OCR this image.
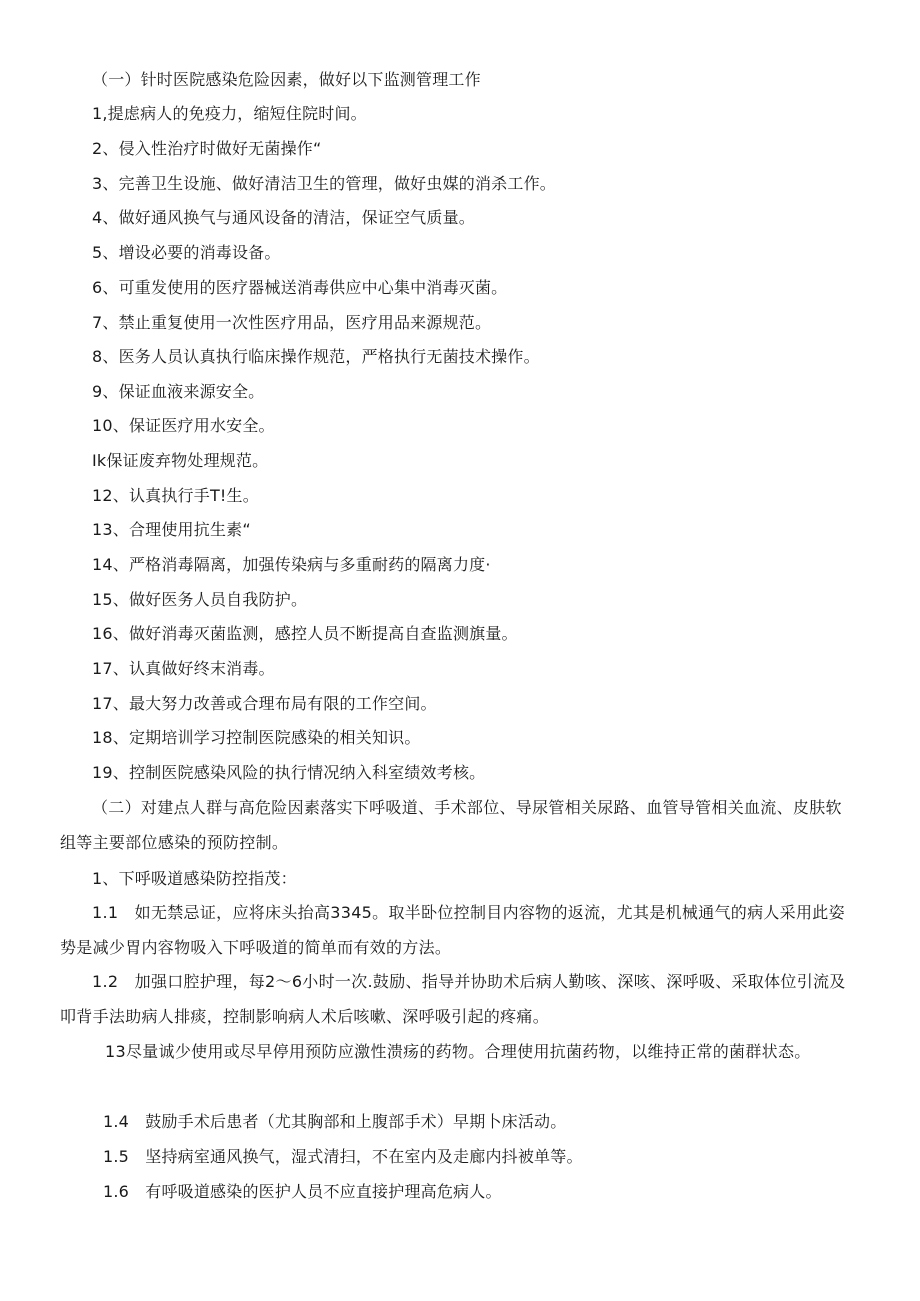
（一）针时医院感染危险因素，做好以下监测管理工作
1,提虑病人的免疫力，缩短住院时间。
2、侵入性治疗时做好无菌操作“
3、完善卫生设施、做好清洁卫生的管理，做好虫媒的消杀工作。
4、做好通风换气与通风设备的清洁，保证空气质量。
5、增设必要的消毒设备。
6、可重发使用的医疗器械送消毒供应中心集中消毒灭菌。
7、禁止重复使用一次性医疗用品，医疗用品来源规范。
8、医务人员认真执行临床操作规范，严格执行无菌技术操作。
9、保证血液来源安全。
10、保证医疗用水安全。
Ik保证废弃物处理规范。
12、认真执行手T!生。
13、合理使用抗生素“
14、严格消毒隔离，加强传染病与多重耐药的隔离力度·
15、做好医务人员自我防护。
16、做好消毒灭菌监测，感控人员不断提高自查监测旗量。
17、认真做好终末消毒。
17、最大努力改善或合理布局有限的工作空间。
18、定期培训学习控制医院感染的相关知识。
19、控制医院感染风险的执行情况纳入科室绩效考核。
（二）对建点人群与高危险因素落实下呼吸道、手术部位、导尿管相关尿路、血管导管相关血流、皮肤软组等主要部位感染的预防控制。
1、下呼吸道感染防控指茂：
1.1　如无禁忌证，应将床头抬高3345。取半卧位控制目内容物的返流，尤其是机械通气的病人采用此姿势是减少胃内容物吸入下呼吸道的简单而有效的方法。
1.2　加强口腔护理，每2～6小时一次.鼓励、指导并协助术后病人勤咳、深咳、深呼吸、采取体位引流及叩背手法助病人排痰，控制影响病人术后咳嗽、深呼吸引起的疼痛。
13尽量诚少使用或尽早停用预防应激性溃疡的药物。合理使用抗菌药物，以维持正常的菌群状态。
1.4　鼓励手术后患者（尤其胸部和上腹部手术）早期卜床活动。
1.5　坚持病室通风换气，湿式清扫，不在室内及走廊内抖被单等。
1.6　有呼吸道感染的医护人员不应直接护理高危病人。
